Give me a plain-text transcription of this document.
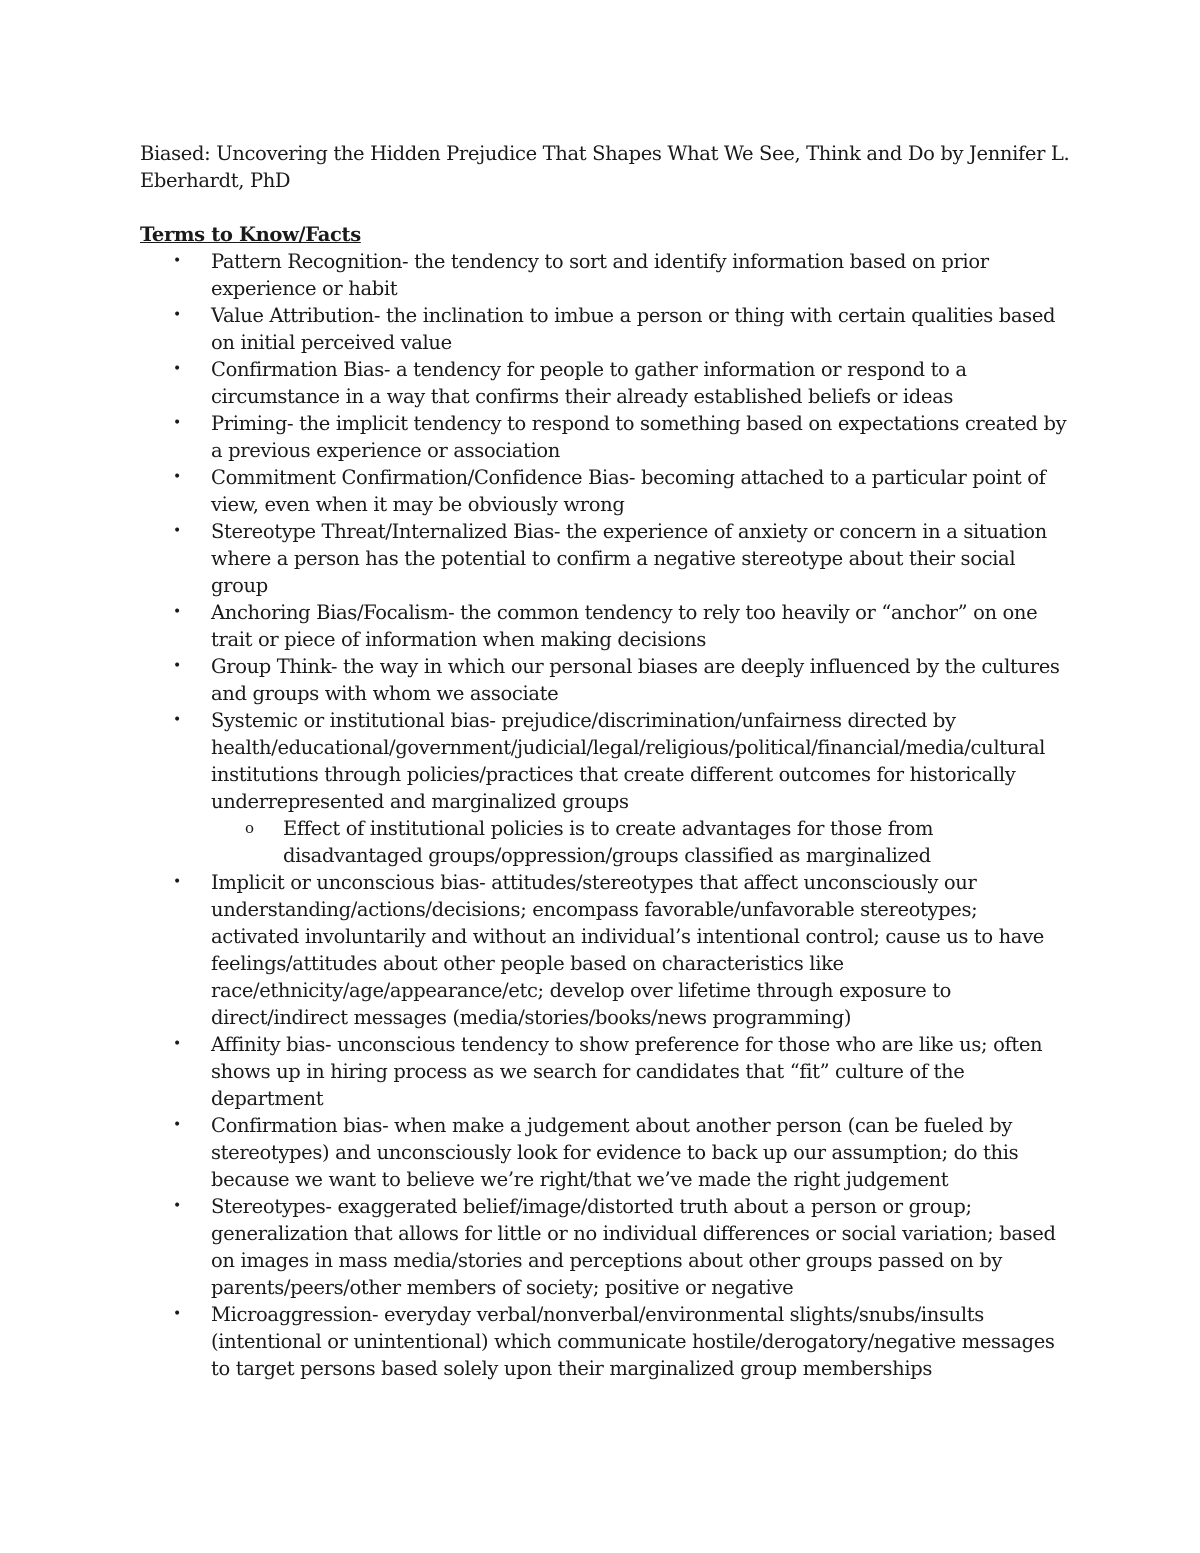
Biased: Uncovering the Hidden Prejudice That Shapes What We See, Think and Do by Jennifer L. Eberhardt, PhD

Terms to Know/Facts

• Pattern Recognition- the tendency to sort and identify information based on prior experience or habit
• Value Attribution- the inclination to imbue a person or thing with certain qualities based on initial perceived value
• Confirmation Bias- a tendency for people to gather information or respond to a circumstance in a way that confirms their already established beliefs or ideas
• Priming- the implicit tendency to respond to something based on expectations created by a previous experience or association
• Commitment Confirmation/Confidence Bias- becoming attached to a particular point of view, even when it may be obviously wrong
• Stereotype Threat/Internalized Bias- the experience of anxiety or concern in a situation where a person has the potential to confirm a negative stereotype about their social group
• Anchoring Bias/Focalism- the common tendency to rely too heavily or “anchor” on one trait or piece of information when making decisions
• Group Think- the way in which our personal biases are deeply influenced by the cultures and groups with whom we associate
• Systemic or institutional bias- prejudice/discrimination/unfairness directed by health/educational/government/judicial/legal/religious/political/financial/media/cultural institutions through policies/practices that create different outcomes for historically underrepresented and marginalized groups
o Effect of institutional policies is to create advantages for those from disadvantaged groups/oppression/groups classified as marginalized
• Implicit or unconscious bias- attitudes/stereotypes that affect unconsciously our understanding/actions/decisions; encompass favorable/unfavorable stereotypes; activated involuntarily and without an individual’s intentional control; cause us to have feelings/attitudes about other people based on characteristics like race/ethnicity/age/appearance/etc; develop over lifetime through exposure to direct/indirect messages (media/stories/books/news programming)
• Affinity bias- unconscious tendency to show preference for those who are like us; often shows up in hiring process as we search for candidates that “fit” culture of the department
• Confirmation bias- when make a judgement about another person (can be fueled by stereotypes) and unconsciously look for evidence to back up our assumption; do this because we want to believe we’re right/that we’ve made the right judgement
• Stereotypes- exaggerated belief/image/distorted truth about a person or group; generalization that allows for little or no individual differences or social variation; based on images in mass media/stories and perceptions about other groups passed on by parents/peers/other members of society; positive or negative
• Microaggression- everyday verbal/nonverbal/environmental slights/snubs/insults (intentional or unintentional) which communicate hostile/derogatory/negative messages to target persons based solely upon their marginalized group memberships
